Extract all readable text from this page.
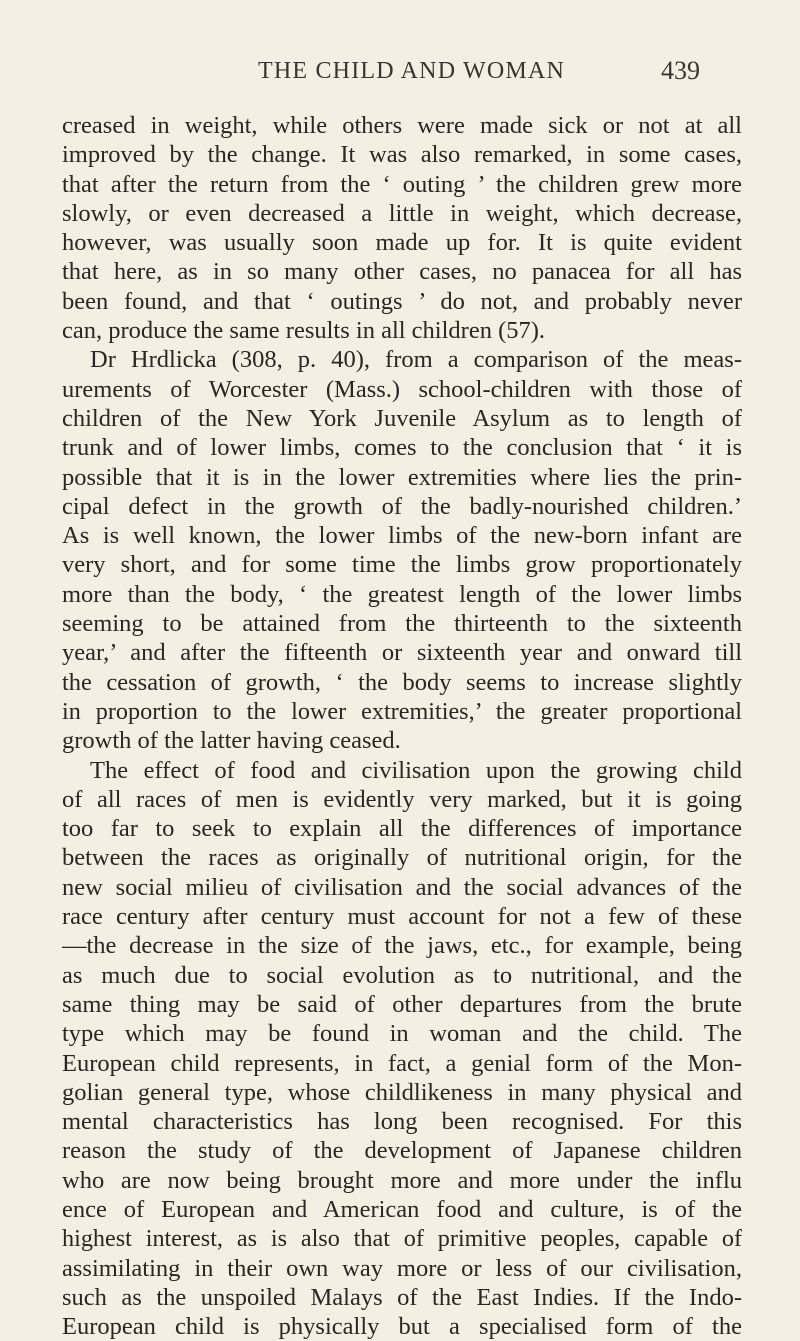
THE CHILD AND WOMAN	439
creased in weight, while others were made sick or not at all
improved by the change. It was also remarked, in some cases,
that after the return from the ‘ outing ’ the children grew more
slowly, or even decreased a little in weight, which decrease,
however, was usually soon made up for. It is quite evident
that here, as in so many other cases, no panacea for all has
been found, and that ‘ outings ’ do not, and probably never
can, produce the same results in all children (57).
Dr Hrdlicka (308, p. 40), from a comparison of the meas-
urements of Worcester (Mass.) school-children with those of
children of the New York Juvenile Asylum as to length of
trunk and of lower limbs, comes to the conclusion that ‘ it is
possible that it is in the lower extremities where lies the prin-
cipal defect in the growth of the badly-nourished children.’
As is well known, the lower limbs of the new-born infant are
very short, and for some time the limbs grow proportionately
more than the body, ‘ the greatest length of the lower limbs
seeming to be attained from the thirteenth to the sixteenth
year,’ and after the fifteenth or sixteenth year and onward till
the cessation of growth, ‘ the body seems to increase slightly
in proportion to the lower extremities,’ the greater proportional
growth of the latter having ceased.
The effect of food and civilisation upon the growing child
of all races of men is evidently very marked, but it is going
too far to seek to explain all the differences of importance
between the races as originally of nutritional origin, for the
new social milieu of civilisation and the social advances of the
race century after century must account for not a few of these
—the decrease in the size of the jaws, etc., for example, being
as much due to social evolution as to nutritional, and the
same thing may be said of other departures from the brute
type which may be found in woman and the child. The
European child represents, in fact, a genial form of the Mon-
golian general type, whose childlikeness in many physical and
mental characteristics has long been recognised. For this
reason the study of the development of Japanese children
who are now being brought more and more under the influ
ence of European and American food and culture, is of the
highest interest, as is also that of primitive peoples, capable of
assimilating in their own way more or less of our civilisation,
such as the unspoiled Malays of the East Indies. If the Indo-
European child is physically but a specialised form of the
